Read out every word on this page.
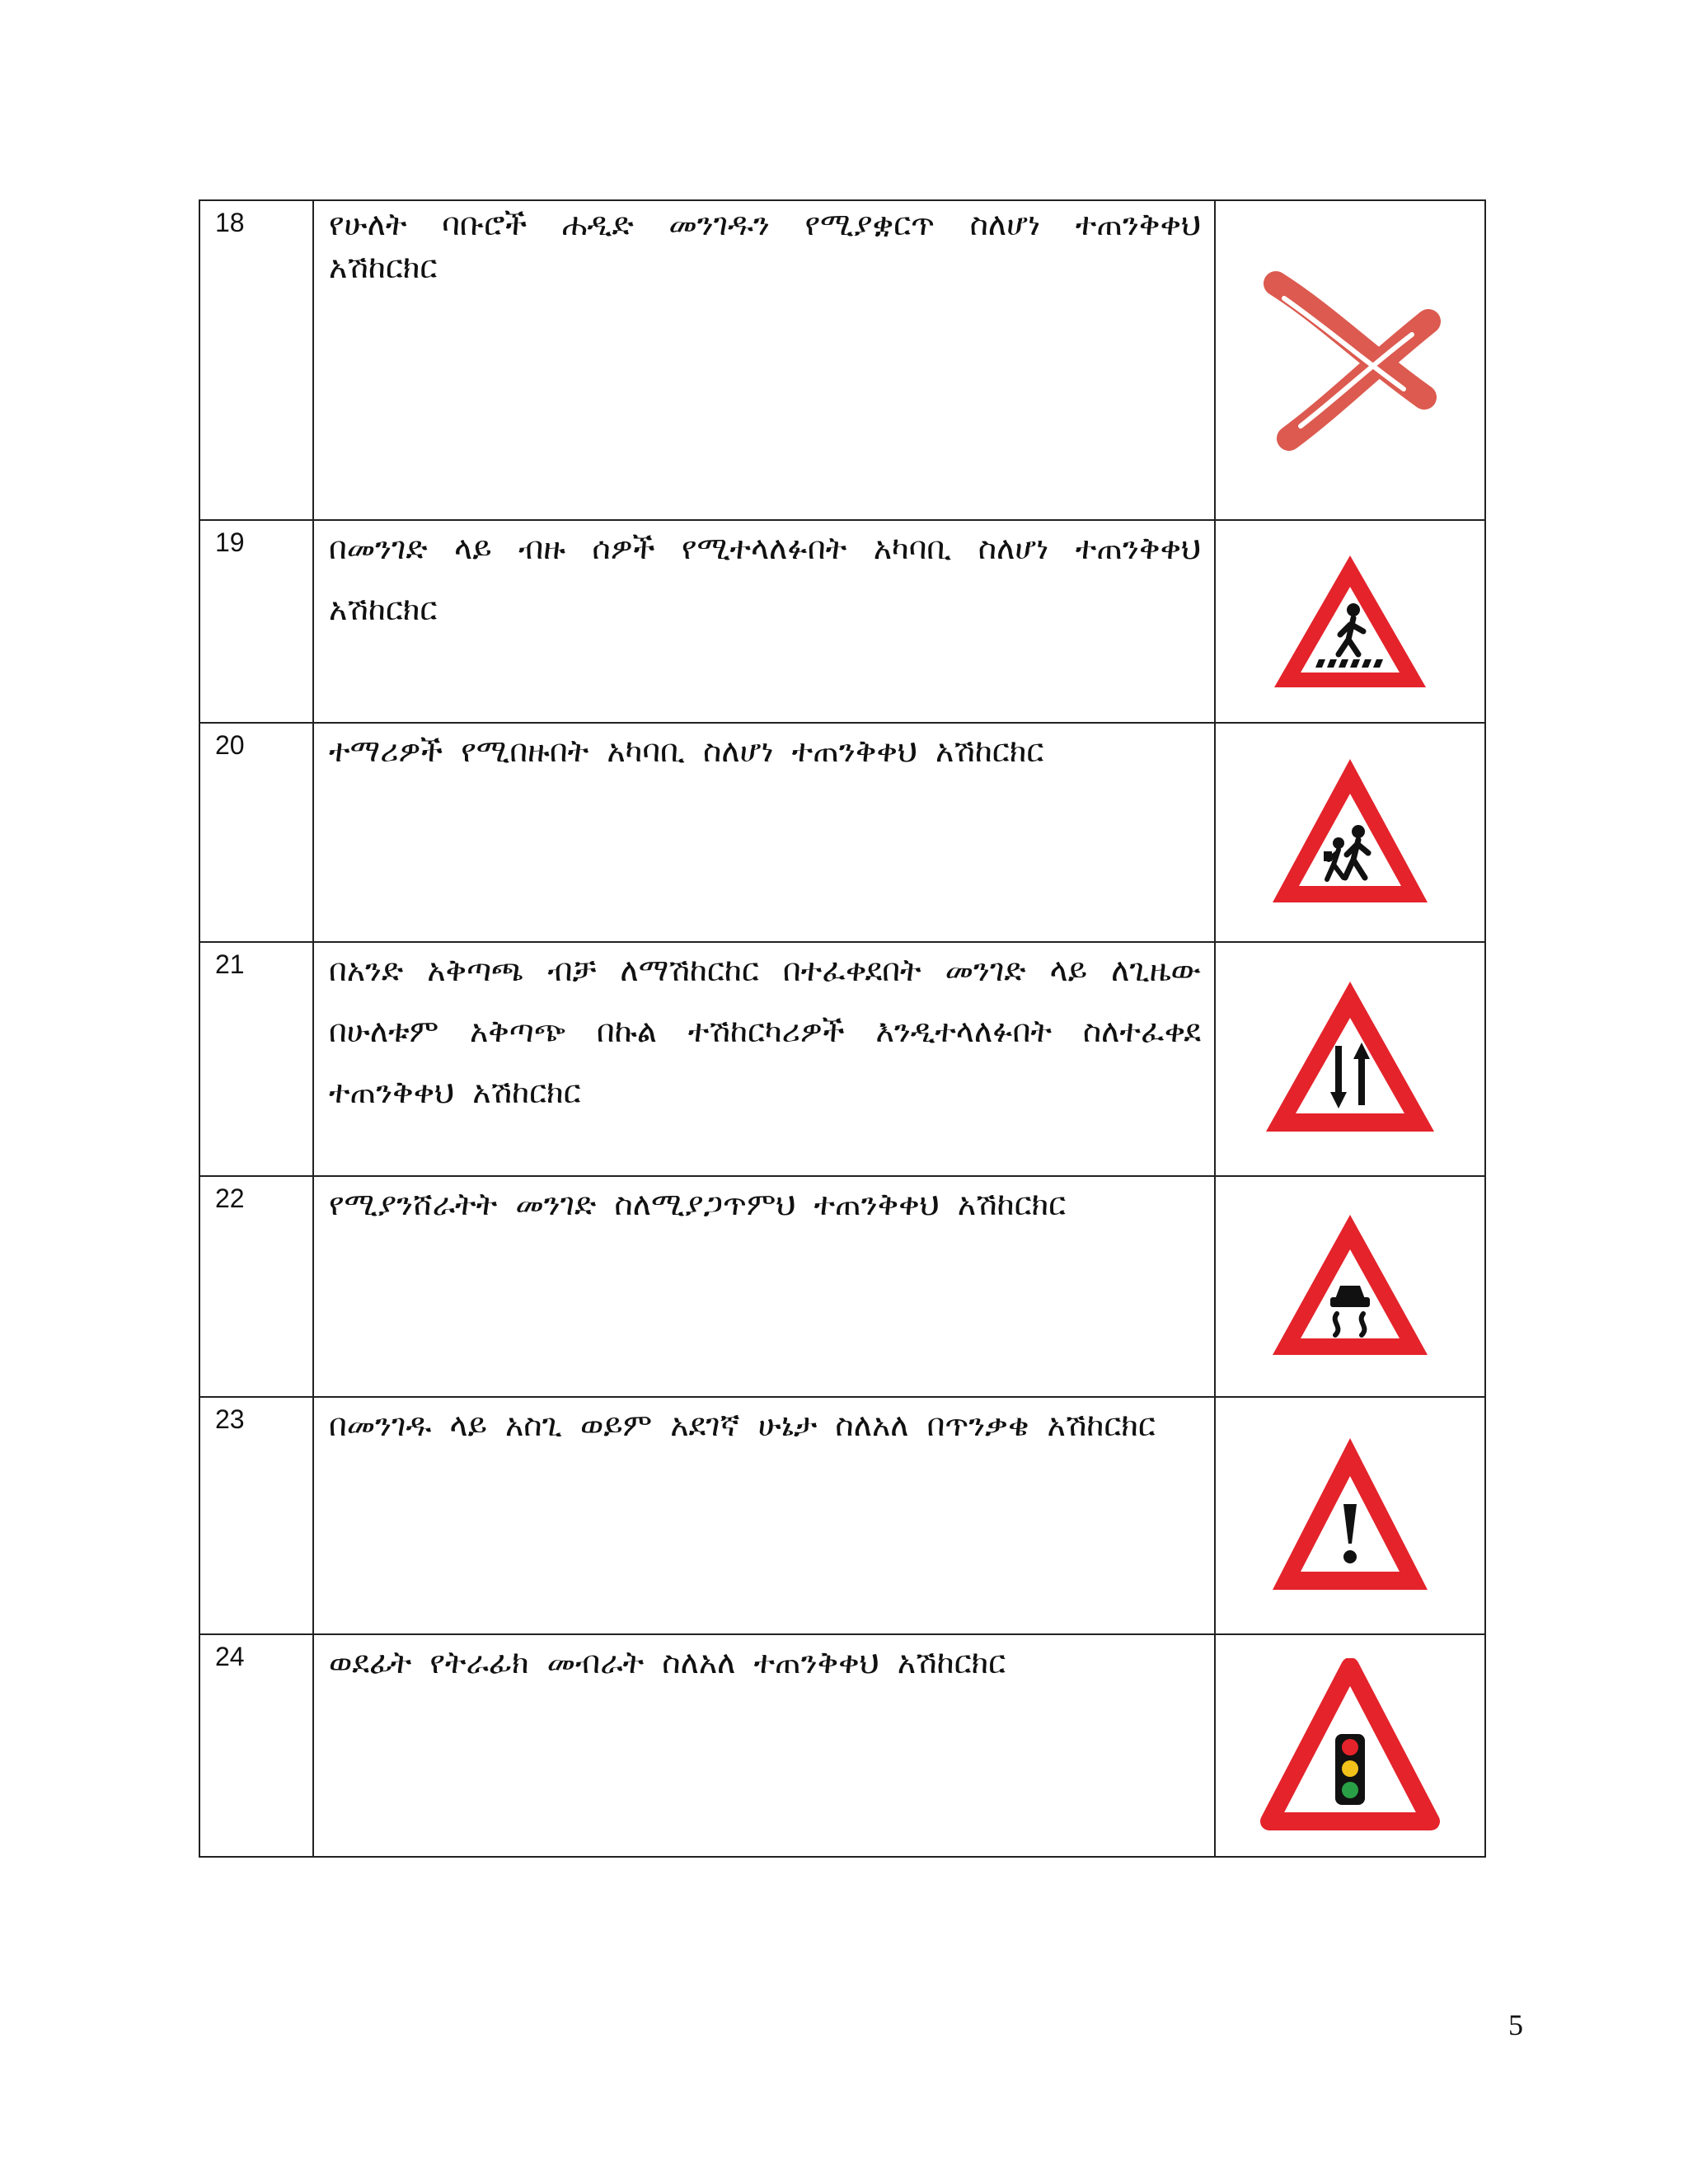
18	የሁለት ባቡሮች ሐዲድ መንገዱን የሚያቋርጥ ስለሆነ ተጠንቅቀህ አሽከርክር

19	በመንገድ ላይ ብዙ ሰዎች የሚተላለፉበት አካባቢ ስለሆነ ተጠንቅቀህ አሽከርክር

20	ተማሪዎች የሚበዙበት አካባቢ ስለሆነ ተጠንቅቀህ አሽከርክር

21	በአንድ አቅጣጫ ብቻ ለማሽከርከር በተፈቀደበት መንገድ ላይ ለጊዜው በሁለቱም አቅጣጭ በኩል ተሽከርካሪዎች እንዲተላለፉበት ስለተፈቀደ ተጠንቅቀህ አሽከርክር

22	የሚያንሸራትት መንገድ ስለሚያጋጥምህ ተጠንቅቀህ አሽከርክር

23	በመንገዱ ላይ አስጊ ወይም አደገኛ ሁኔታ ስለአለ በጥንቃቄ አሽከርክር

24	ወደፊት የትራፊክ መብራት ስለአለ ተጠንቅቀህ አሽከርክር

5
